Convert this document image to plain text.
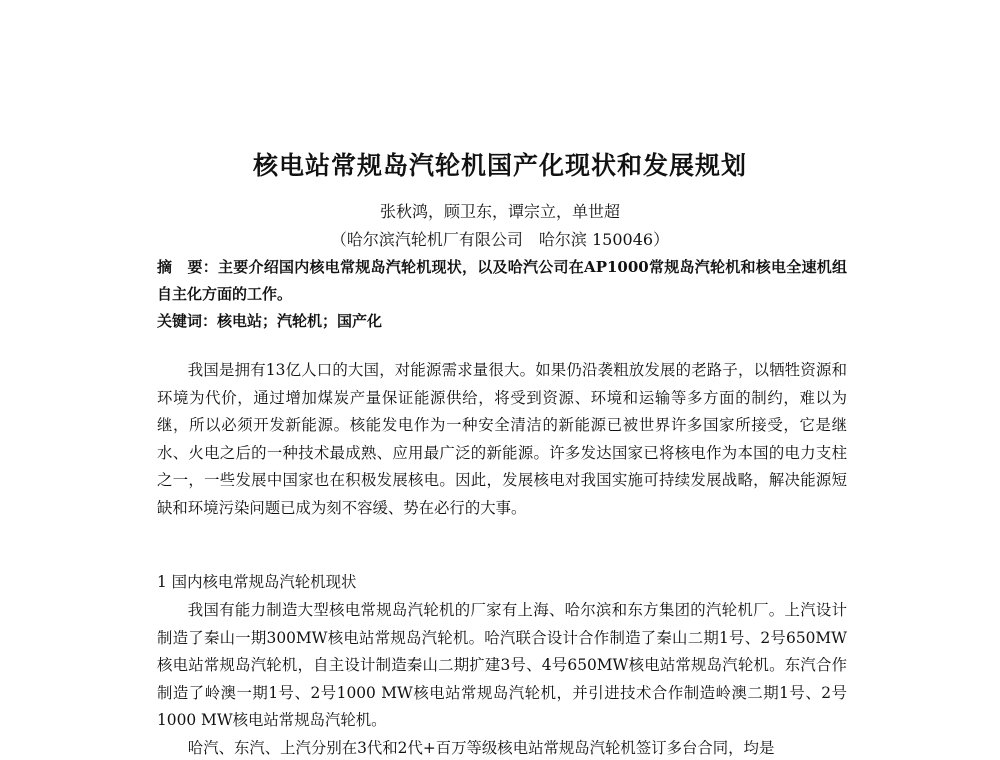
核电站常规岛汽轮机国产化现状和发展规划
张秋鸿，顾卫东，谭宗立，单世超
（哈尔滨汽轮机厂有限公司　哈尔滨 150046）
摘　要：主要介绍国内核电常规岛汽轮机现状，以及哈汽公司在AP1000常规岛汽轮机和核电全速机组自主化方面的工作。
关键词：核电站；汽轮机；国产化

我国是拥有13亿人口的大国，对能源需求量很大。如果仍沿袭粗放发展的老路子，以牺牲资源和环境为代价，通过增加煤炭产量保证能源供给，将受到资源、环境和运输等多方面的制约，难以为继，所以必须开发新能源。核能发电作为一种安全清洁的新能源已被世界许多国家所接受，它是继水、火电之后的一种技术最成熟、应用最广泛的新能源。许多发达国家已将核电作为本国的电力支柱之一，一些发展中国家也在积极发展核电。因此，发展核电对我国实施可持续发展战略，解决能源短缺和环境污染问题已成为刻不容缓、势在必行的大事。

1 国内核电常规岛汽轮机现状

我国有能力制造大型核电常规岛汽轮机的厂家有上海、哈尔滨和东方集团的汽轮机厂。上汽设计制造了秦山一期300MW核电站常规岛汽轮机。哈汽联合设计合作制造了秦山二期1号、2号650MW核电站常规岛汽轮机，自主设计制造秦山二期扩建3号、4号650MW核电站常规岛汽轮机。东汽合作制造了岭澳一期1号、2号1000 MW核电站常规岛汽轮机，并引进技术合作制造岭澳二期1号、2号1000 MW核电站常规岛汽轮机。

哈汽、东汽、上汽分别在3代和2代+百万等级核电站常规岛汽轮机签订多台合同，均是
